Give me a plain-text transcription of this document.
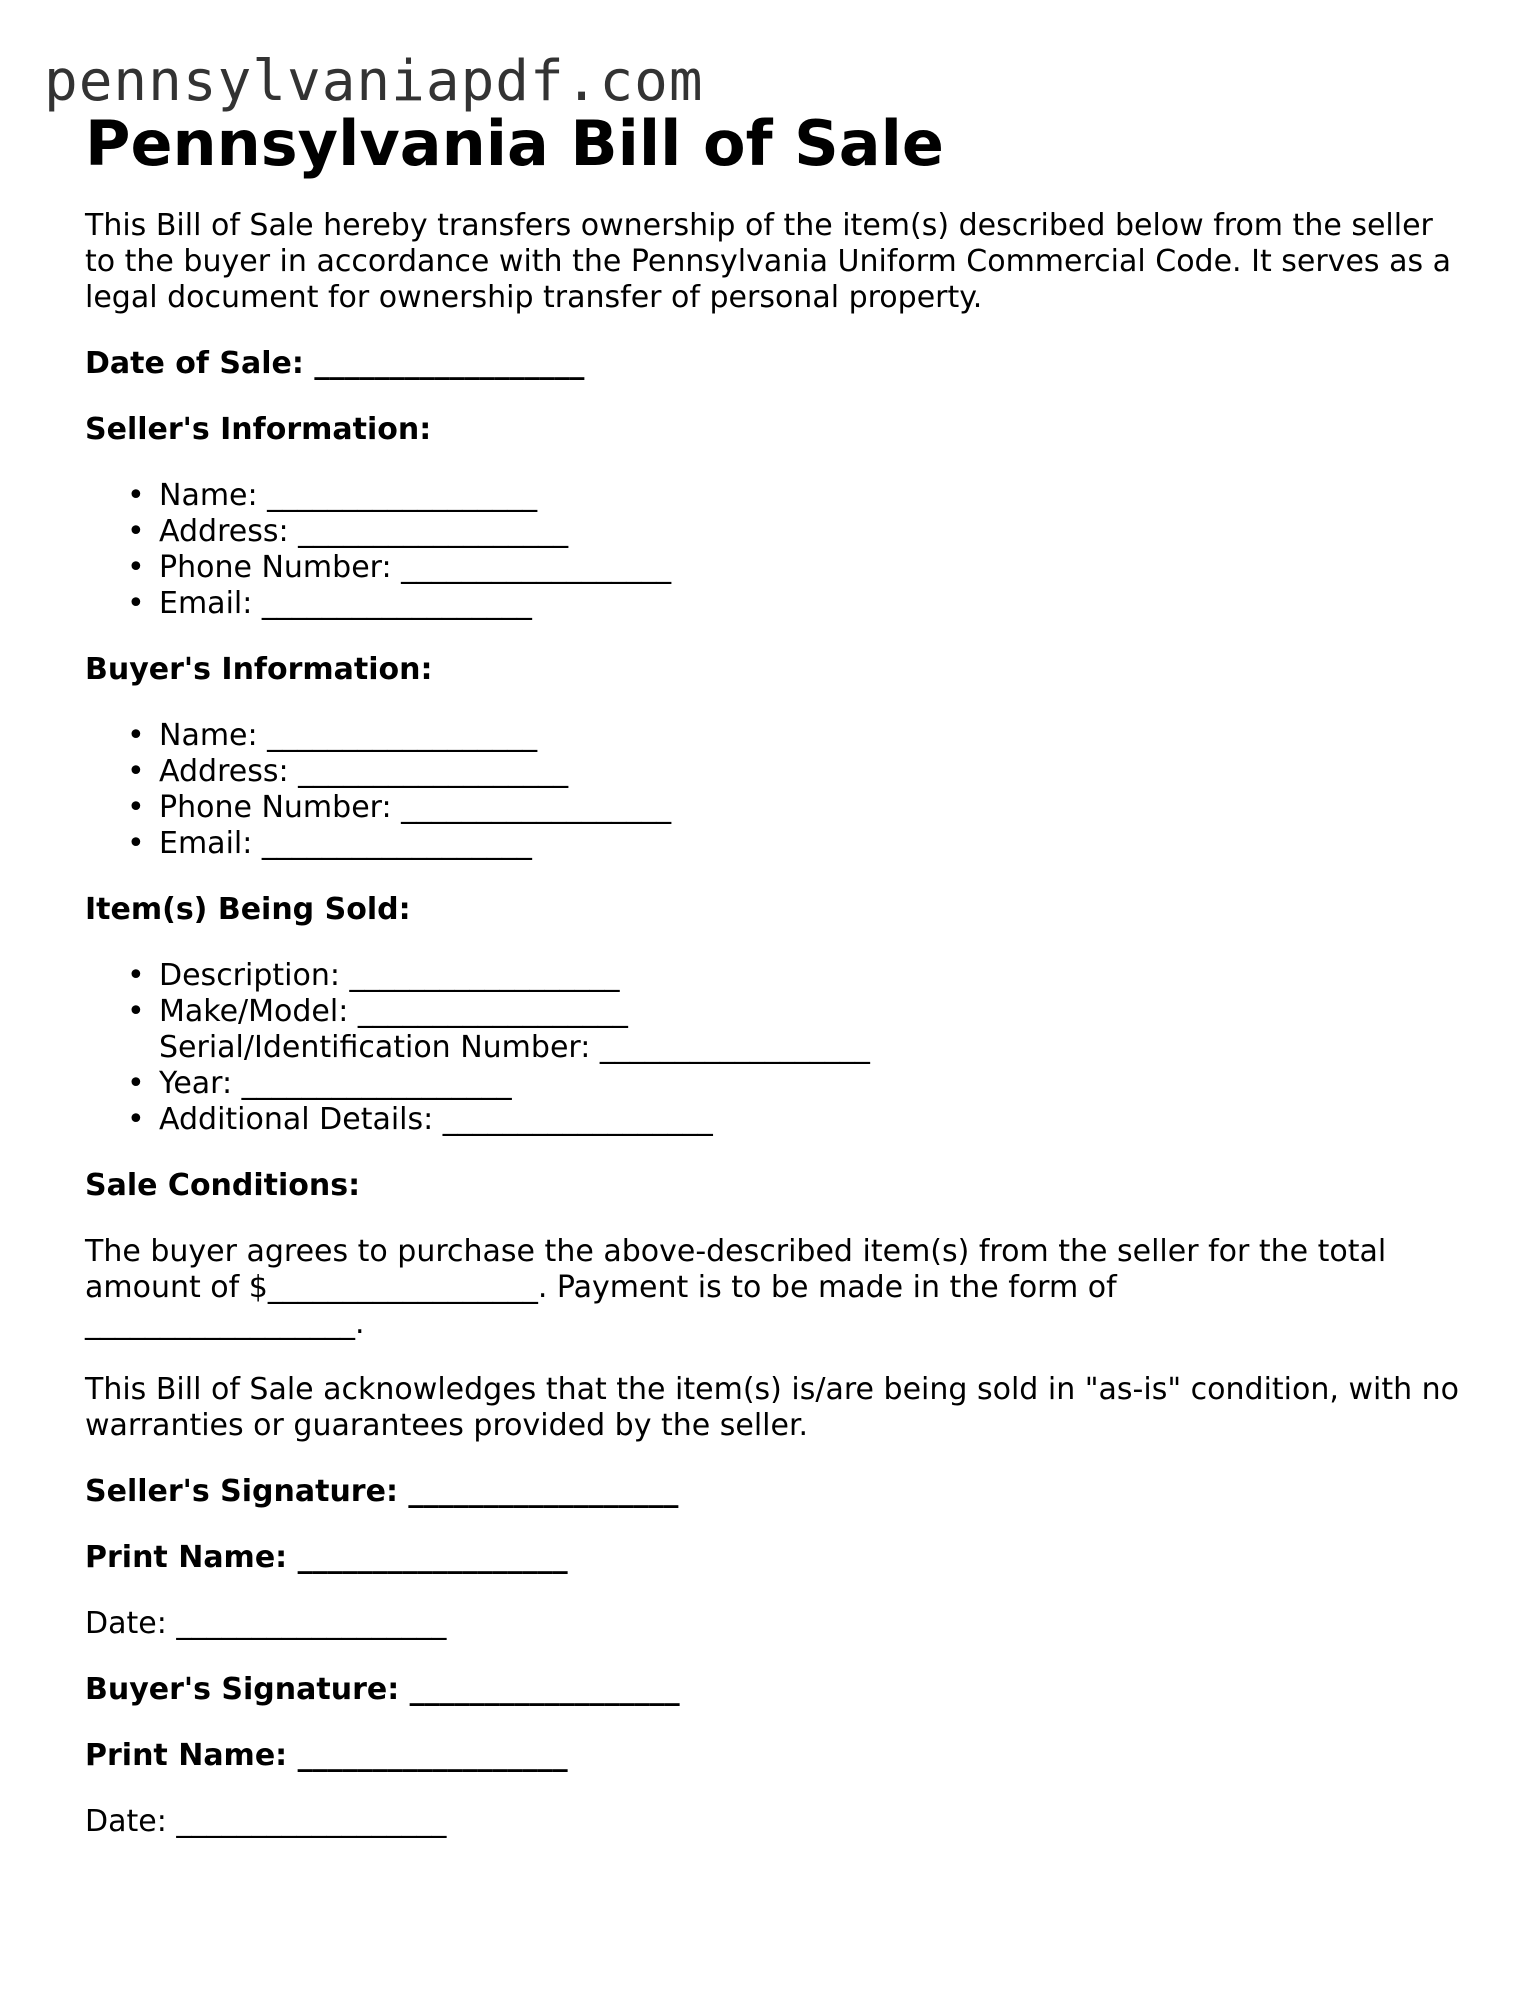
pennsylvaniapdf.com
Pennsylvania Bill of Sale

This Bill of Sale hereby transfers ownership of the item(s) described below from the seller to the buyer in accordance with the Pennsylvania Uniform Commercial Code. It serves as a legal document for ownership transfer of personal property.

Date of Sale: __________________

Seller's Information:

• Name: __________________
• Address: __________________
• Phone Number: __________________
• Email: __________________

Buyer's Information:

• Name: __________________
• Address: __________________
• Phone Number: __________________
• Email: __________________

Item(s) Being Sold:

• Description: __________________
• Make/Model: __________________
Serial/Identification Number: __________________
• Year: __________________
• Additional Details: __________________

Sale Conditions:

The buyer agrees to purchase the above-described item(s) from the seller for the total
amount of $__________________. Payment is to be made in the form of
__________________.

This Bill of Sale acknowledges that the item(s) is/are being sold in "as-is" condition, with no warranties or guarantees provided by the seller.

Seller's Signature: __________________

Print Name: __________________

Date: __________________

Buyer's Signature: __________________

Print Name: __________________

Date: __________________
